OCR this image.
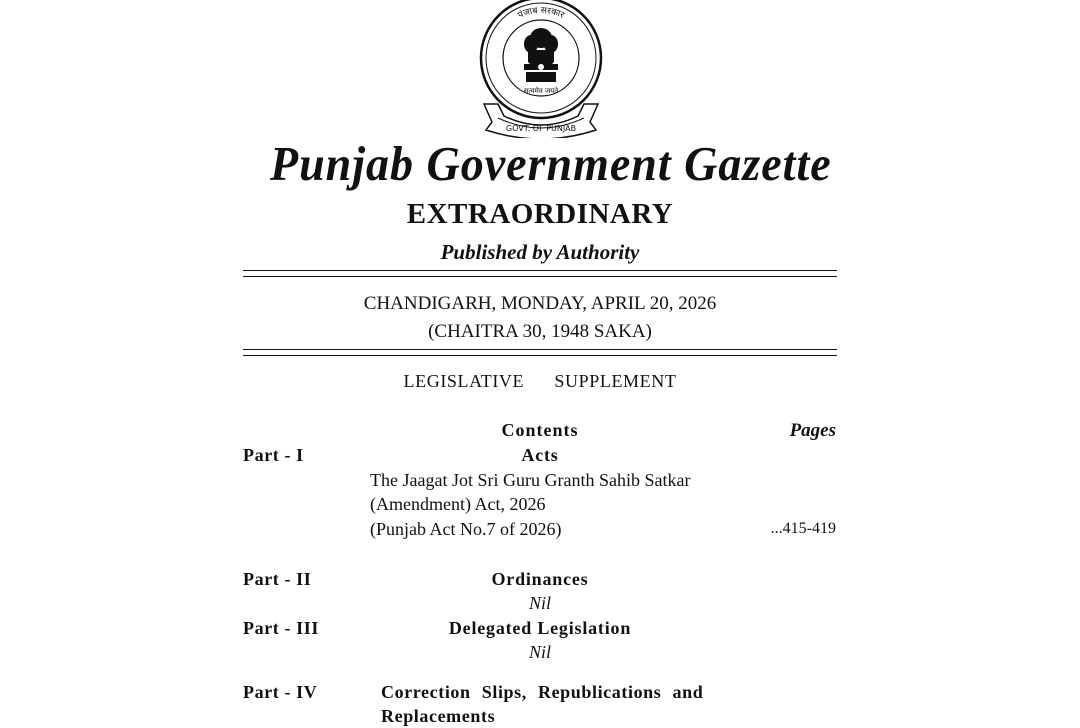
पंजाब सरकार
सत्यमेव जयते
GOVT. OF PUNJAB
Punjab Government Gazette
EXTRAORDINARY
Published by Authority
CHANDIGARH, MONDAY, APRIL 20, 2026
(CHAITRA 30, 1948 SAKA)
LEGISLATIVE   SUPPLEMENT
Contents	Pages
Part - I	Acts
The Jaagat Jot Sri Guru Granth Sahib Satkar
(Amendment) Act, 2026
(Punjab Act No.7 of 2026)	...415-419
Part - II	Ordinances
Nil
Part - III	Delegated Legislation
Nil
Part - IV	Correction Slips, Republications and Replacements
